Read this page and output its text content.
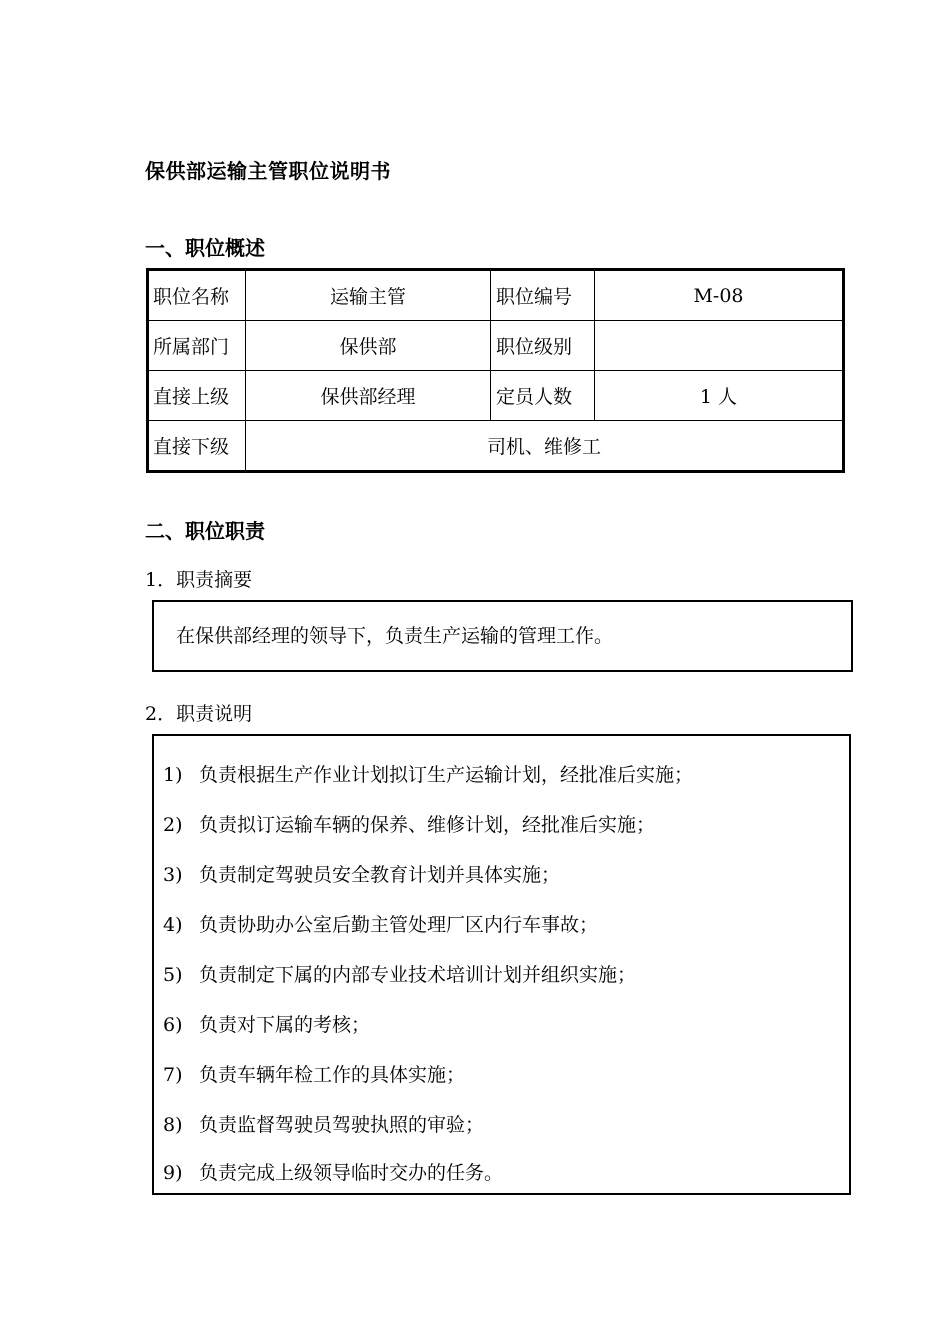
保供部运输主管职位说明书
一、职位概述
职位名称	运输主管	职位编号	M-08
所属部门	保供部	职位级别	
直接上级	保供部经理	定员人数	1 人
直接下级	司机、维修工		
二、职位职责
1．职责摘要
在保供部经理的领导下，负责生产运输的管理工作。
2．职责说明
1) 负责根据生产作业计划拟订生产运输计划，经批准后实施；
2) 负责拟订运输车辆的保养、维修计划，经批准后实施；
3) 负责制定驾驶员安全教育计划并具体实施；
4) 负责协助办公室后勤主管处理厂区内行车事故；
5) 负责制定下属的内部专业技术培训计划并组织实施；
6) 负责对下属的考核；
7) 负责车辆年检工作的具体实施；
8) 负责监督驾驶员驾驶执照的审验；
9) 负责完成上级领导临时交办的任务。
